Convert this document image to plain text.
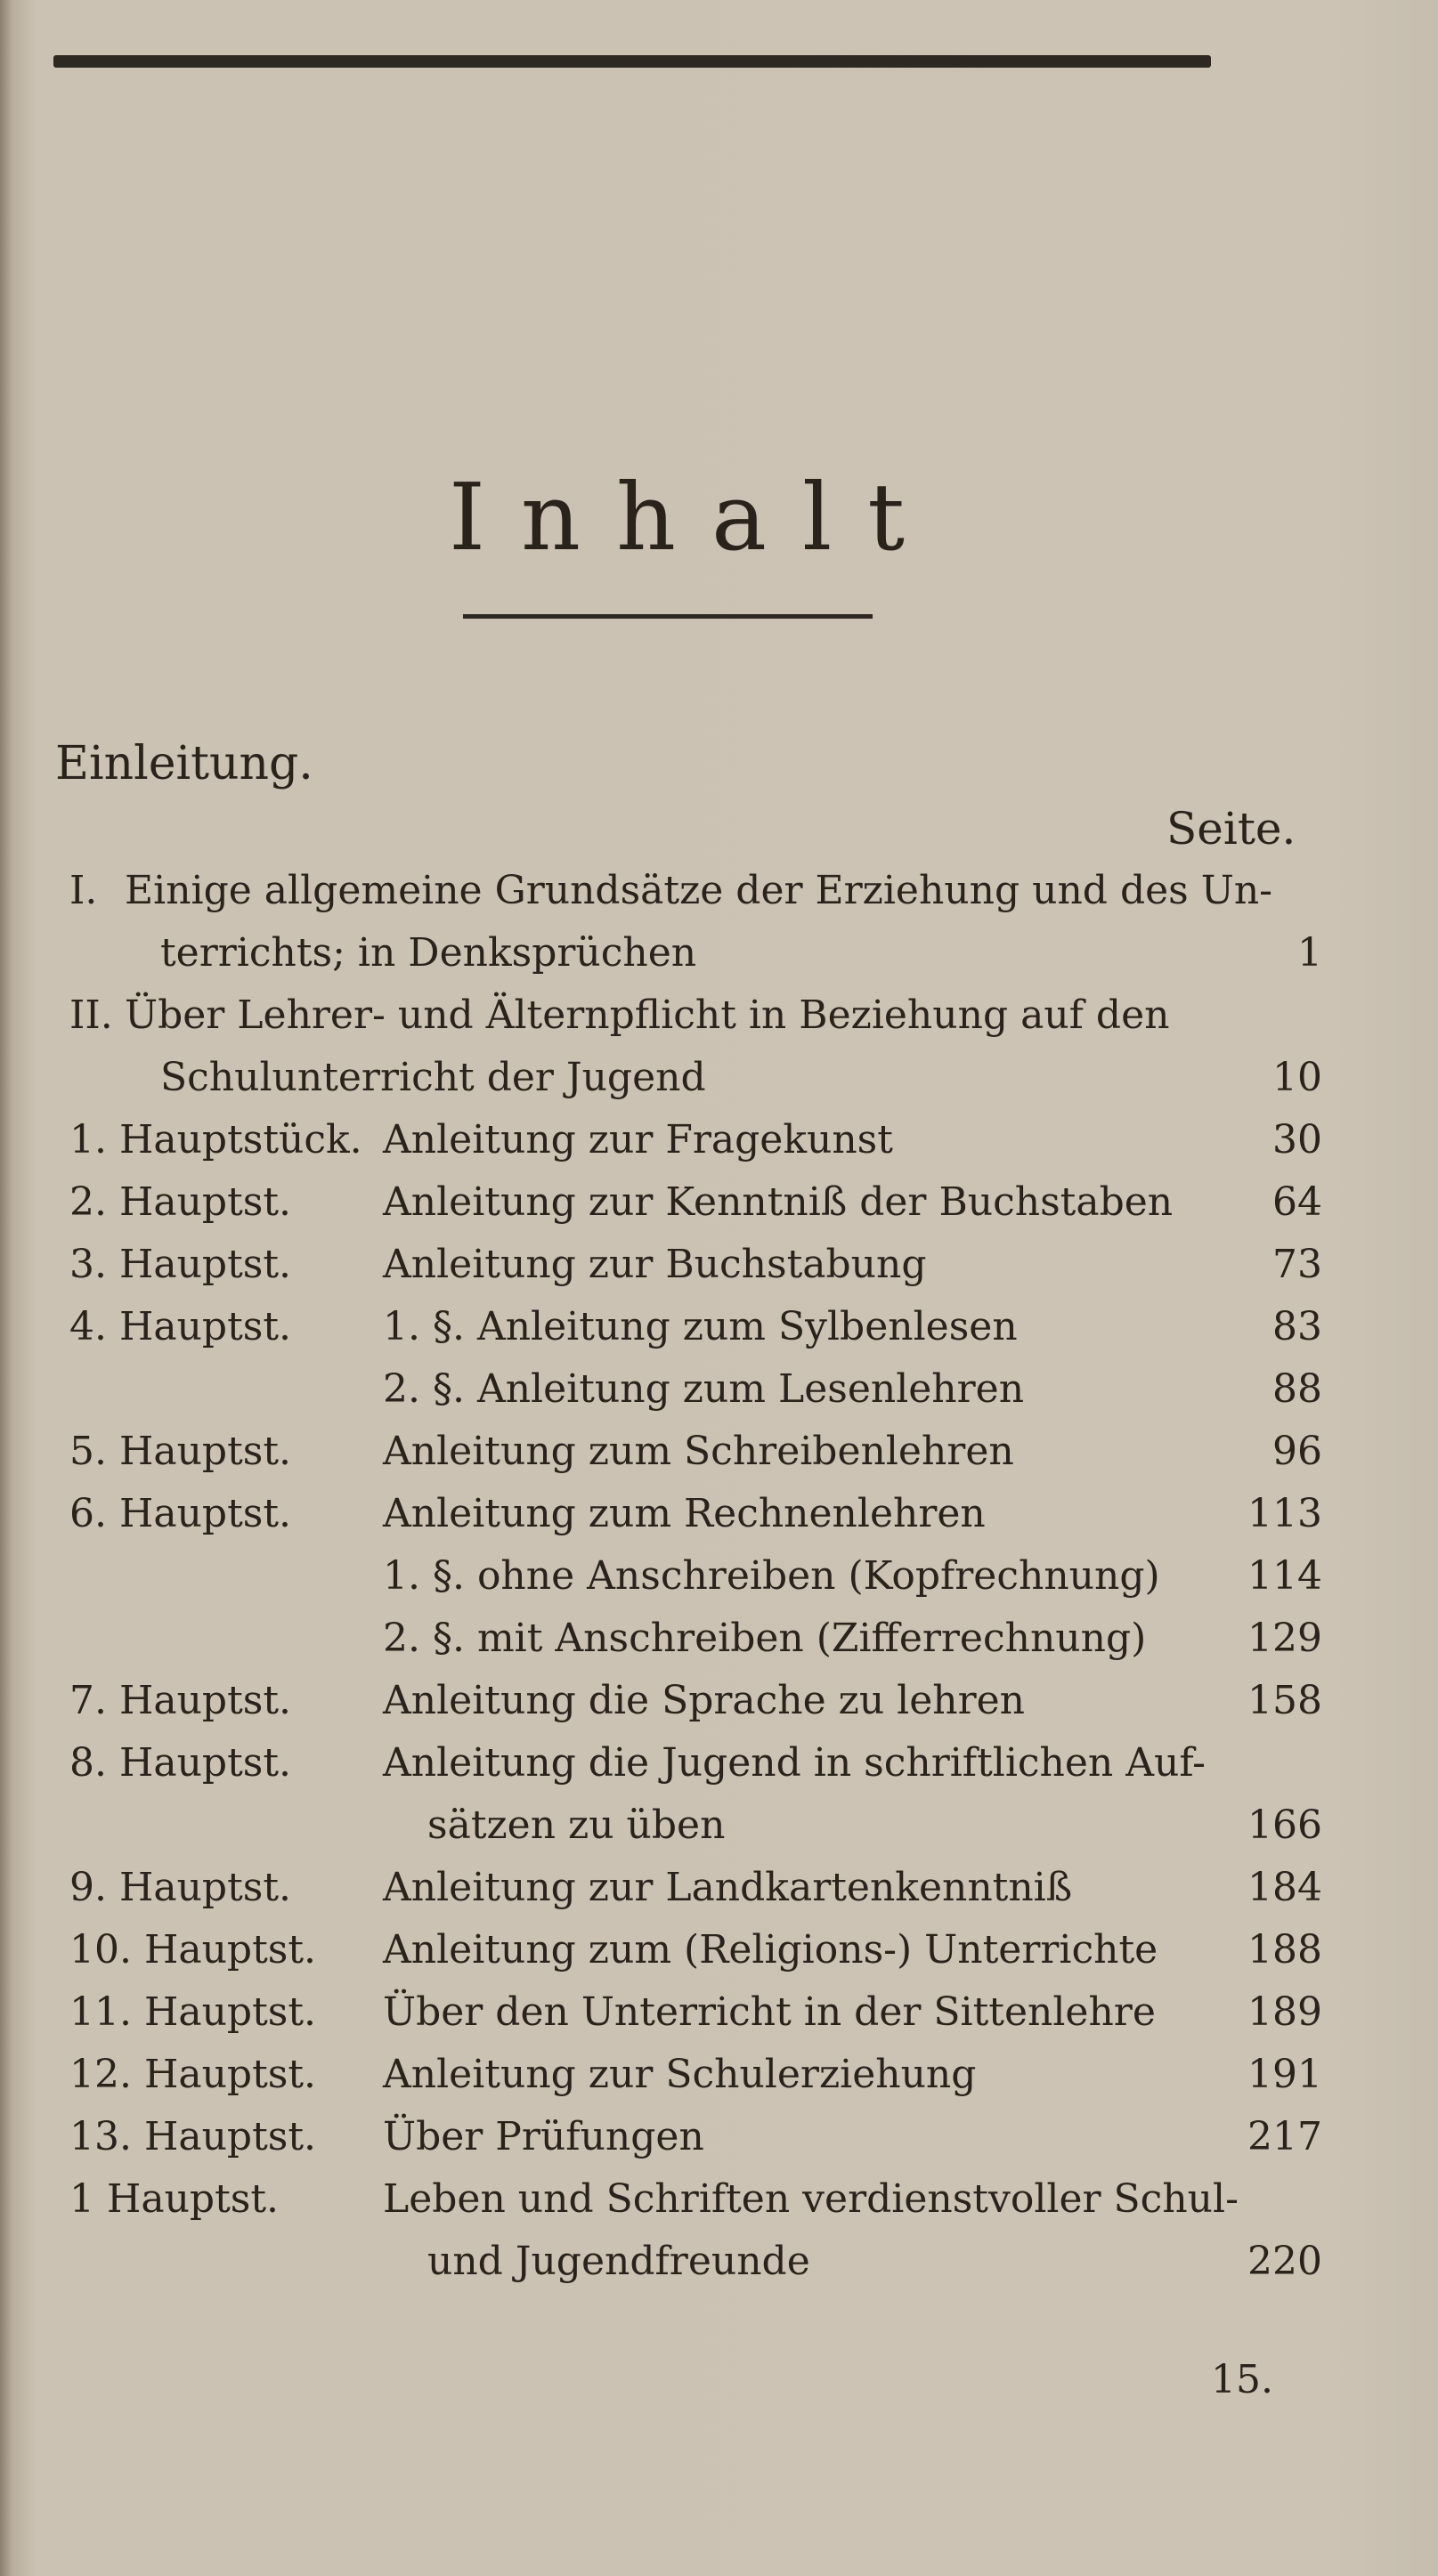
Inhalt
Einleitung.
Seite.
I. Einige allgemeine Grundsätze der Erziehung und des Un-
terrichts; in Denksprüchen	1
II. Über Lehrer- und Älternpflicht in Beziehung auf den
Schulunterricht der Jugend	10
1. Hauptstück. Anleitung zur Fragekunst	30
2. Hauptst. Anleitung zur Kenntniß der Buchstaben	64
3. Hauptst. Anleitung zur Buchstabung	73
4. Hauptst. 1. §. Anleitung zum Sylbenlesen	83
2. §. Anleitung zum Lesenlehren	88
5. Hauptst. Anleitung zum Schreibenlehren	96
6. Hauptst. Anleitung zum Rechnenlehren	113
1. §. ohne Anschreiben (Kopfrechnung)	114
2. §. mit Anschreiben (Zifferrechnung)	129
7. Hauptst. Anleitung die Sprache zu lehren	158
8. Hauptst. Anleitung die Jugend in schriftlichen Auf-
sätzen zu üben	166
9. Hauptst. Anleitung zur Landkartenkenntniß	184
10. Hauptst. Anleitung zum (Religions-) Unterrichte	188
11. Hauptst. Über den Unterricht in der Sittenlehre	189
12. Hauptst. Anleitung zur Schulerziehung	191
13. Hauptst. Über Prüfungen	217
1 Hauptst.	Leben und Schriften verdienstvoller Schul-
und Jugendfreunde	220
15.
